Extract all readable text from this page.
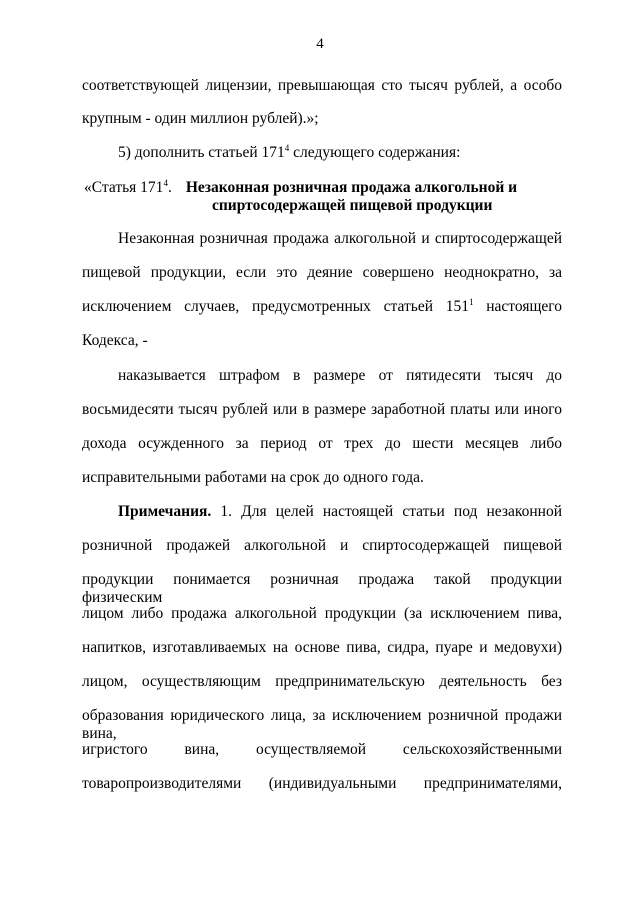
4
соответствующей лицензии, превышающая сто тысяч рублей, а особо
крупным - один миллион рублей).»;
5) дополнить статьей $171^4$ следующего содержания:
«Статья $171^4$. Незаконная розничная продажа алкогольной и
спиртосодержащей пищевой продукции
Незаконная розничная продажа алкогольной и спиртосодержащей
пищевой продукции, если это деяние совершено неоднократно, за
исключением случаев, предусмотренных статьей $151^1$ настоящего
Кодекса, -
наказывается штрафом в размере от пятидесяти тысяч до
восьмидесяти тысяч рублей или в размере заработной платы или иного
дохода осужденного за период от трех до шести месяцев либо
исправительными работами на срок до одного года.
Примечания. 1. Для целей настоящей статьи под незаконной
розничной продажей алкогольной и спиртосодержащей пищевой
продукции понимается розничная продажа такой продукции физическим
лицом либо продажа алкогольной продукции (за исключением пива,
напитков, изготавливаемых на основе пива, сидра, пуаре и медовухи)
лицом, осуществляющим предпринимательскую деятельность без
образования юридического лица, за исключением розничной продажи вина,
игристого вина, осуществляемой сельскохозяйственными
товаропроизводителями (индивидуальными предпринимателями,
